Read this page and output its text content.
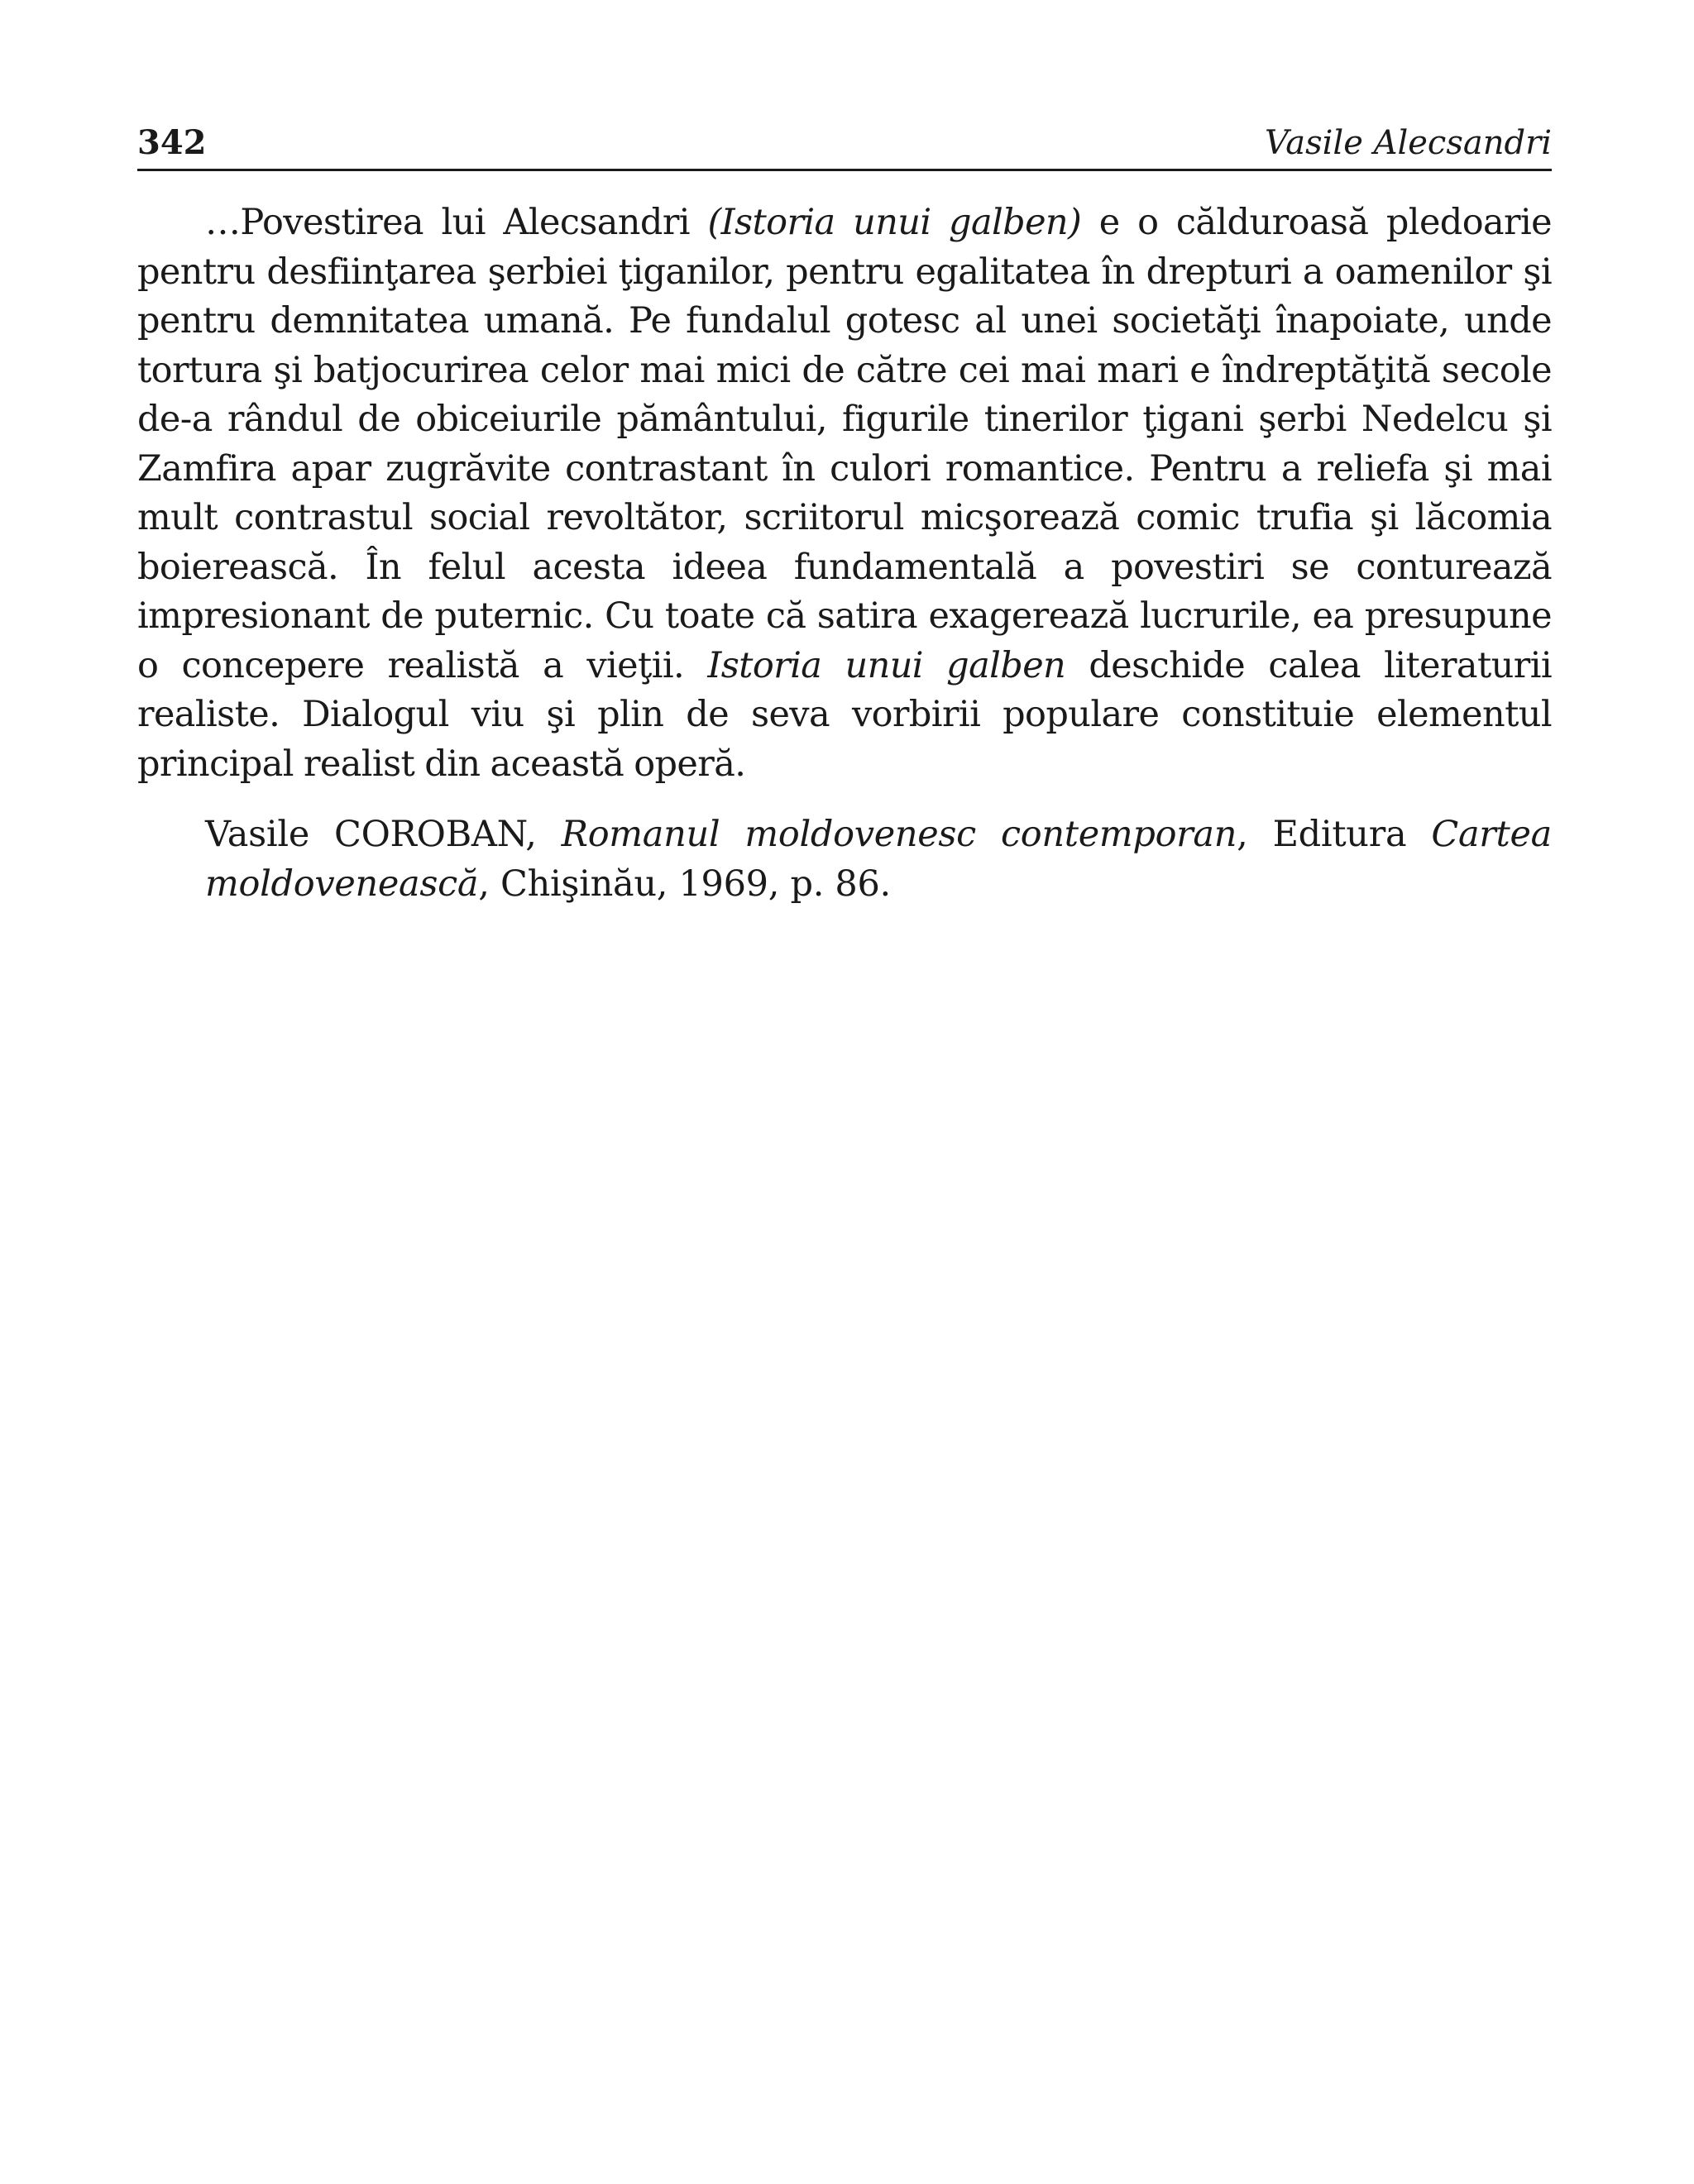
342	Vasile Alecsandri

…Povestirea lui Alecsandri (Istoria unui galben) e o călduroasă pledoarie pentru desfiinţarea şerbiei ţiganilor, pentru egalitatea în drepturi a oamenilor şi pentru demnitatea umană. Pe fundalul gotesc al unei societăţi înapoiate, unde tortura şi batjocurirea celor mai mici de către cei mai mari e îndreptăţită secole de-a rândul de obiceiurile pământului, figurile tinerilor ţigani şerbi Nedelcu şi Zamfira apar zugrăvite contrastant în culori romantice. Pentru a reliefa şi mai mult contrastul social revoltător, scriitorul micşorează comic trufia şi lăcomia boierească. În felul acesta ideea fundamentală a povestiri se conturează impresionant de puternic. Cu toate că satira exagerează lucrurile, ea presupune o concepere realistă a vieţii. Istoria unui galben deschide calea literaturii realiste. Dialogul viu şi plin de seva vorbirii populare constituie elementul principal realist din această operă.

Vasile COROBAN, Romanul moldovenesc contemporan, Editura Cartea moldovenească, Chişinău, 1969, p. 86.
